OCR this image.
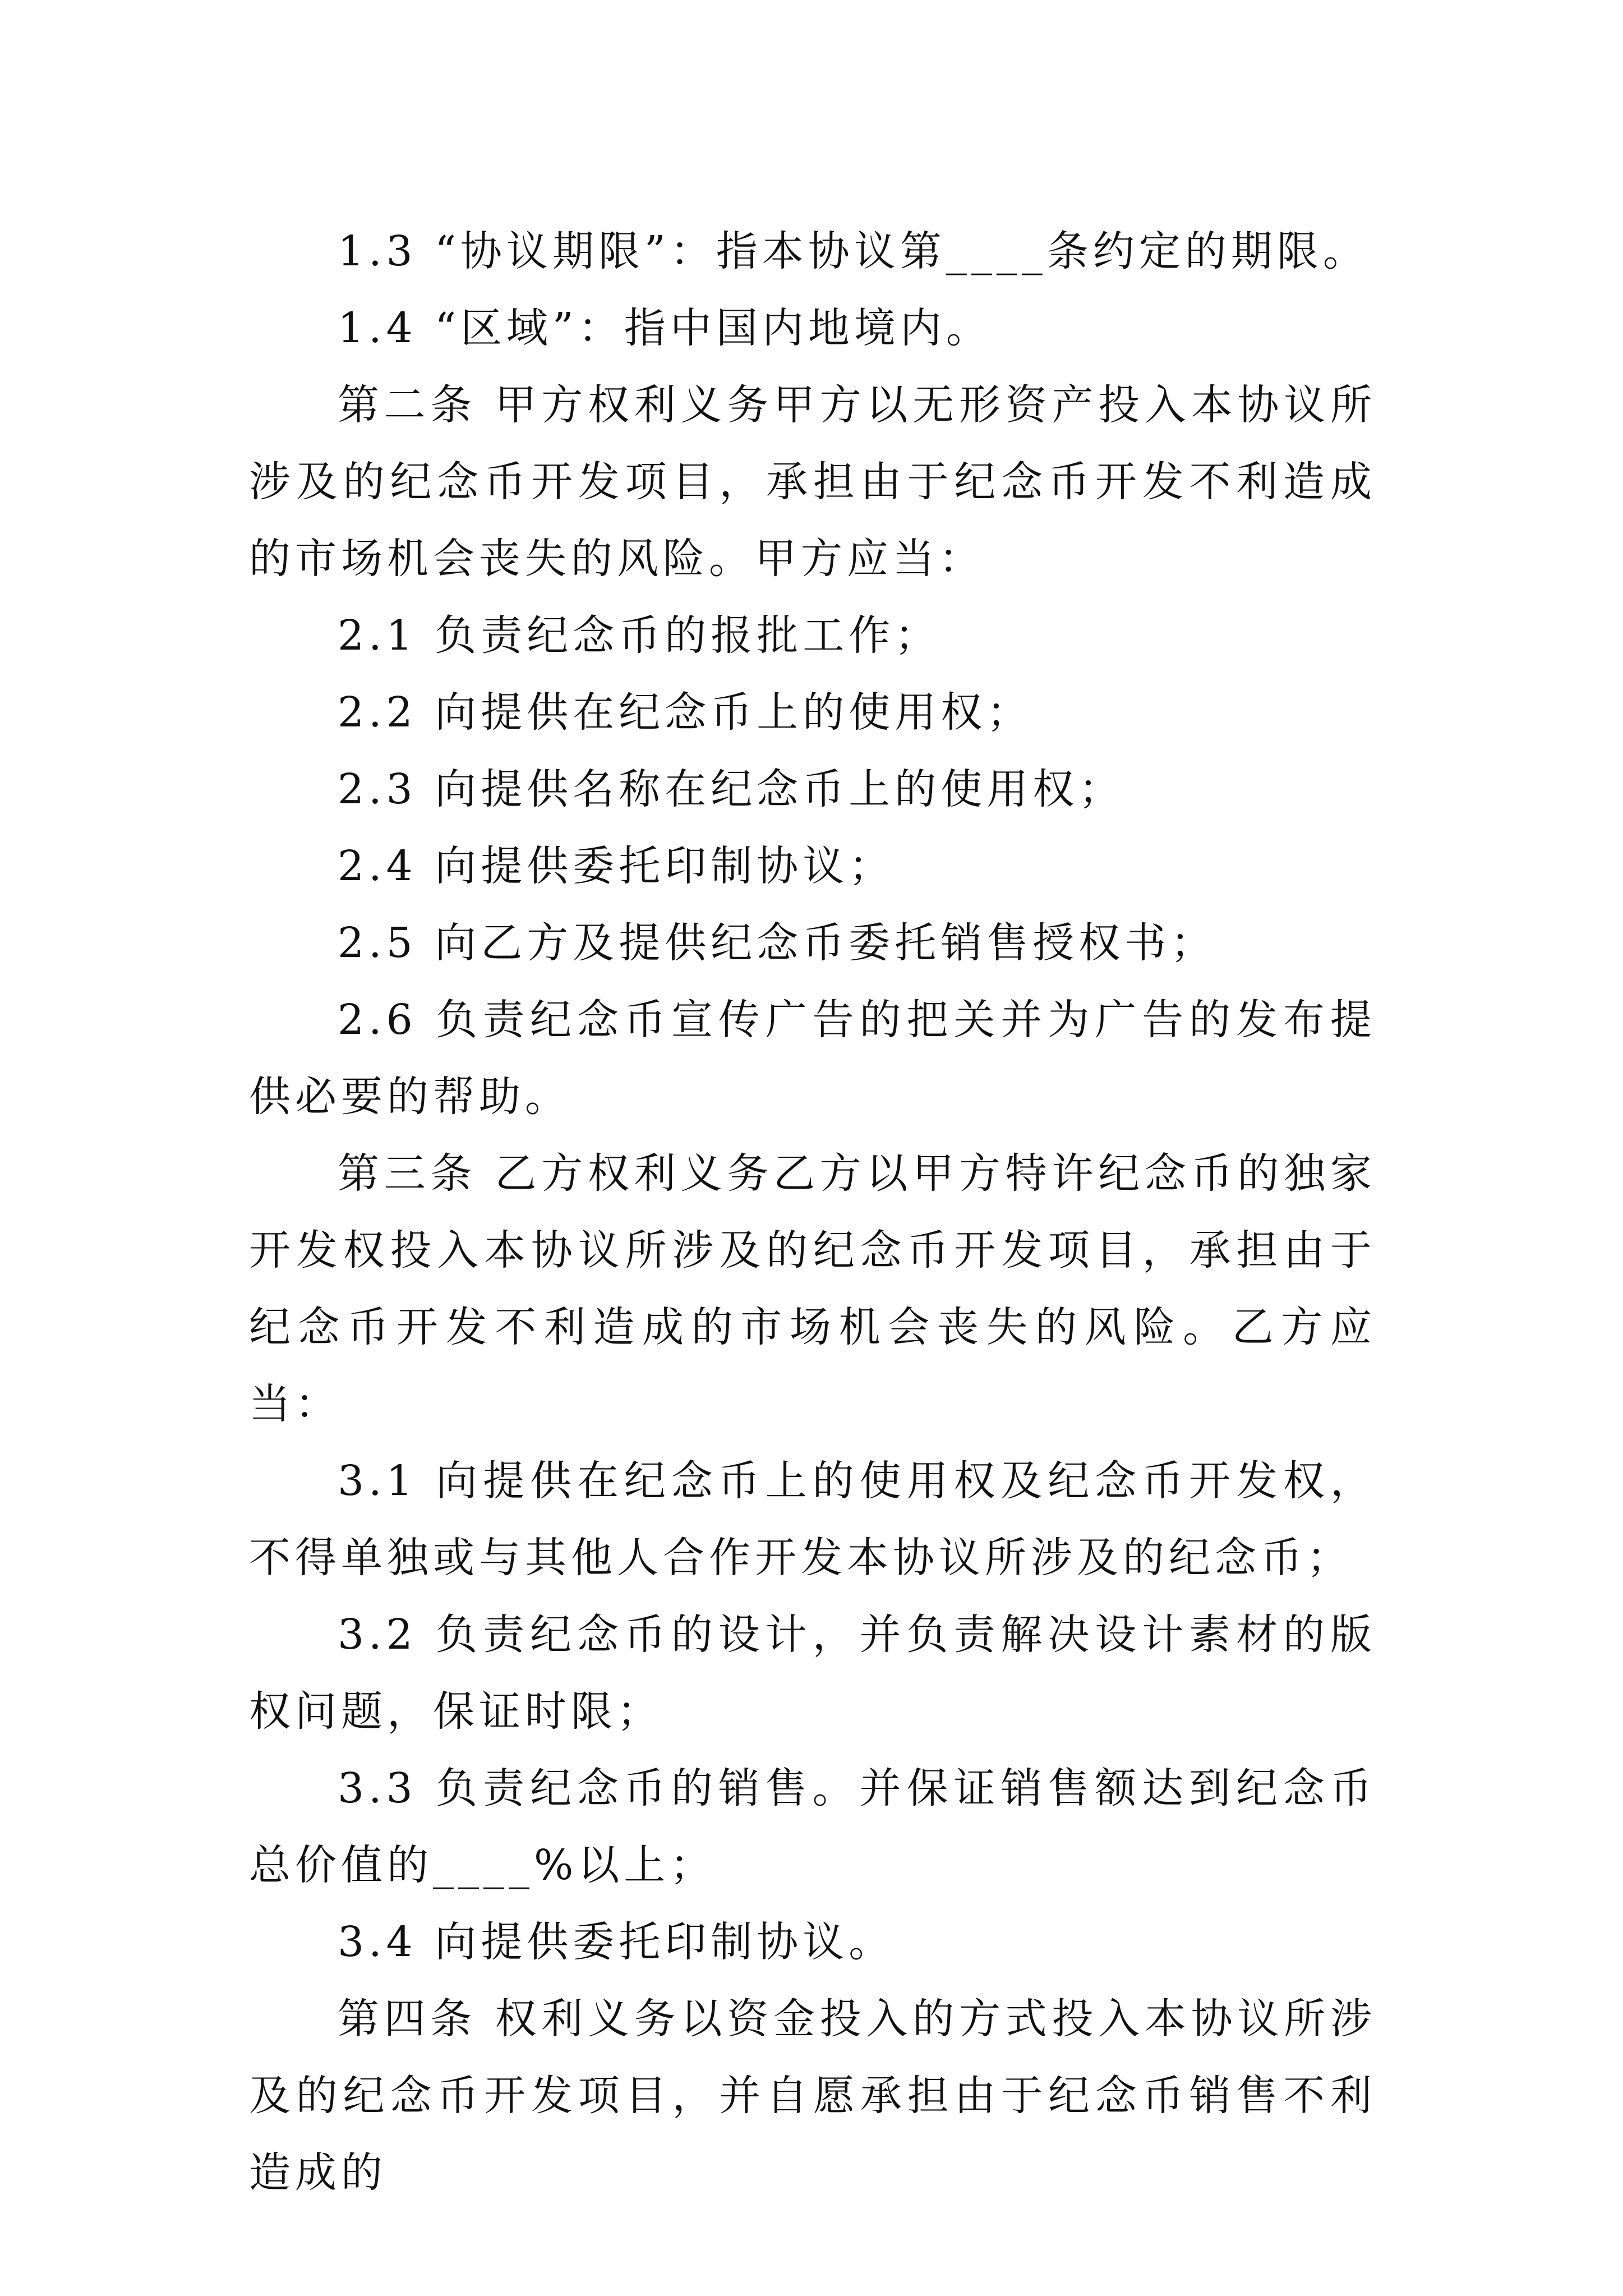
1.3 “协议期限”：指本协议第____条约定的期限。

1.4 “区域”：指中国内地境内。

第二条 甲方权利义务甲方以无形资产投入本协议所涉及的纪念币开发项目，承担由于纪念币开发不利造成的市场机会丧失的风险。甲方应当：

2.1 负责纪念币的报批工作；

2.2 向提供在纪念币上的使用权；

2.3 向提供名称在纪念币上的使用权；

2.4 向提供委托印制协议；

2.5 向乙方及提供纪念币委托销售授权书；

2.6 负责纪念币宣传广告的把关并为广告的发布提供必要的帮助。

第三条 乙方权利义务乙方以甲方特许纪念币的独家开发权投入本协议所涉及的纪念币开发项目，承担由于纪念币开发不利造成的市场机会丧失的风险。乙方应当：

3.1 向提供在纪念币上的使用权及纪念币开发权，不得单独或与其他人合作开发本协议所涉及的纪念币；

3.2 负责纪念币的设计，并负责解决设计素材的版权问题，保证时限；

3.3 负责纪念币的销售。并保证销售额达到纪念币总价值的____%以上；

3.4 向提供委托印制协议。

第四条 权利义务以资金投入的方式投入本协议所涉及的纪念币开发项目，并自愿承担由于纪念币销售不利造成的
